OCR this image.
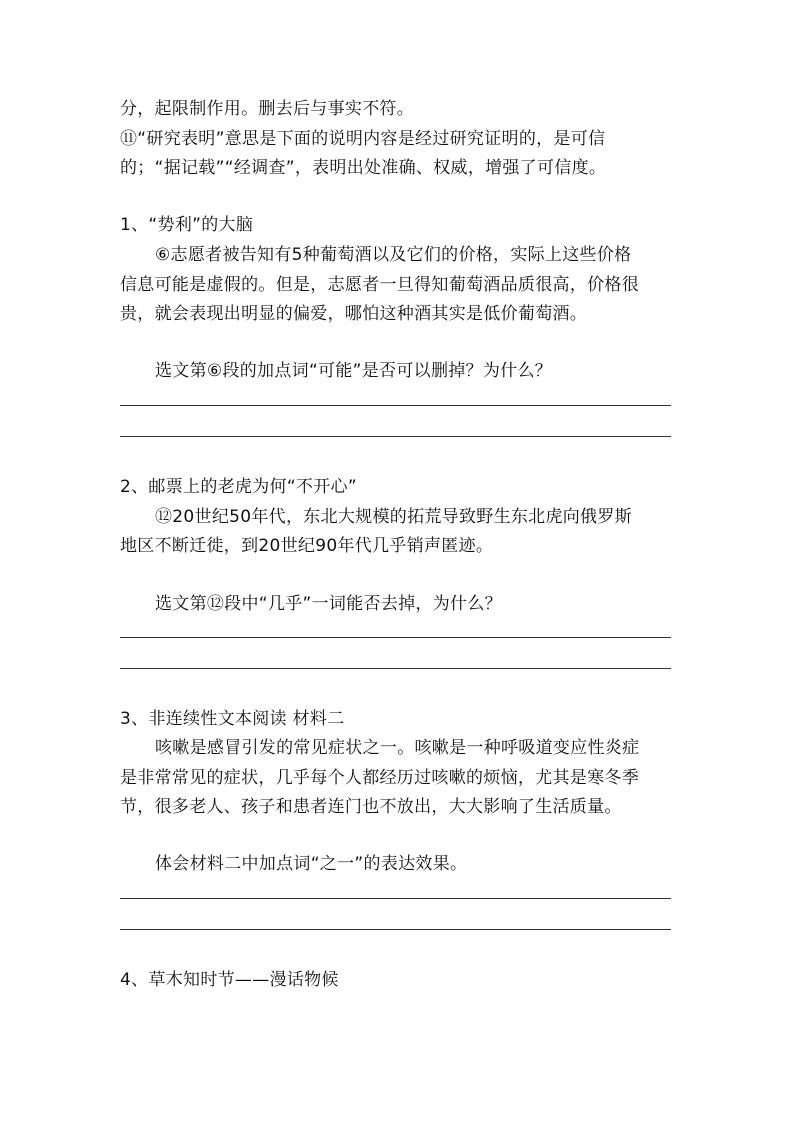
分，起限制作用。删去后与事实不符。
⑪“研究表明”意思是下面的说明内容是经过研究证明的，是可信
的；“据记载”“经调查”，表明出处准确、权威，增强了可信度。
1、“势利”的大脑
⑥志愿者被告知有5种葡萄酒以及它们的价格，实际上这些价格
信息可能是虚假的。但是，志愿者一旦得知葡萄酒品质很高，价格很
贵，就会表现出明显的偏爱，哪怕这种酒其实是低价葡萄酒。
选文第⑥段的加点词“可能”是否可以删掉？为什么？
2、邮票上的老虎为何“不开心”
⑫20世纪50年代，东北大规模的拓荒导致野生东北虎向俄罗斯
地区不断迁徙，到20世纪90年代几乎销声匿迹。
选文第⑫段中“几乎”一词能否去掉，为什么？
3、非连续性文本阅读 材料二
咳嗽是感冒引发的常见症状之一。咳嗽是一种呼吸道变应性炎症
是非常常见的症状，几乎每个人都经历过咳嗽的烦恼，尤其是寒冬季
节，很多老人、孩子和患者连门也不放出，大大影响了生活质量。
体会材料二中加点词“之一”的表达效果。
4、草木知时节——漫话物候
